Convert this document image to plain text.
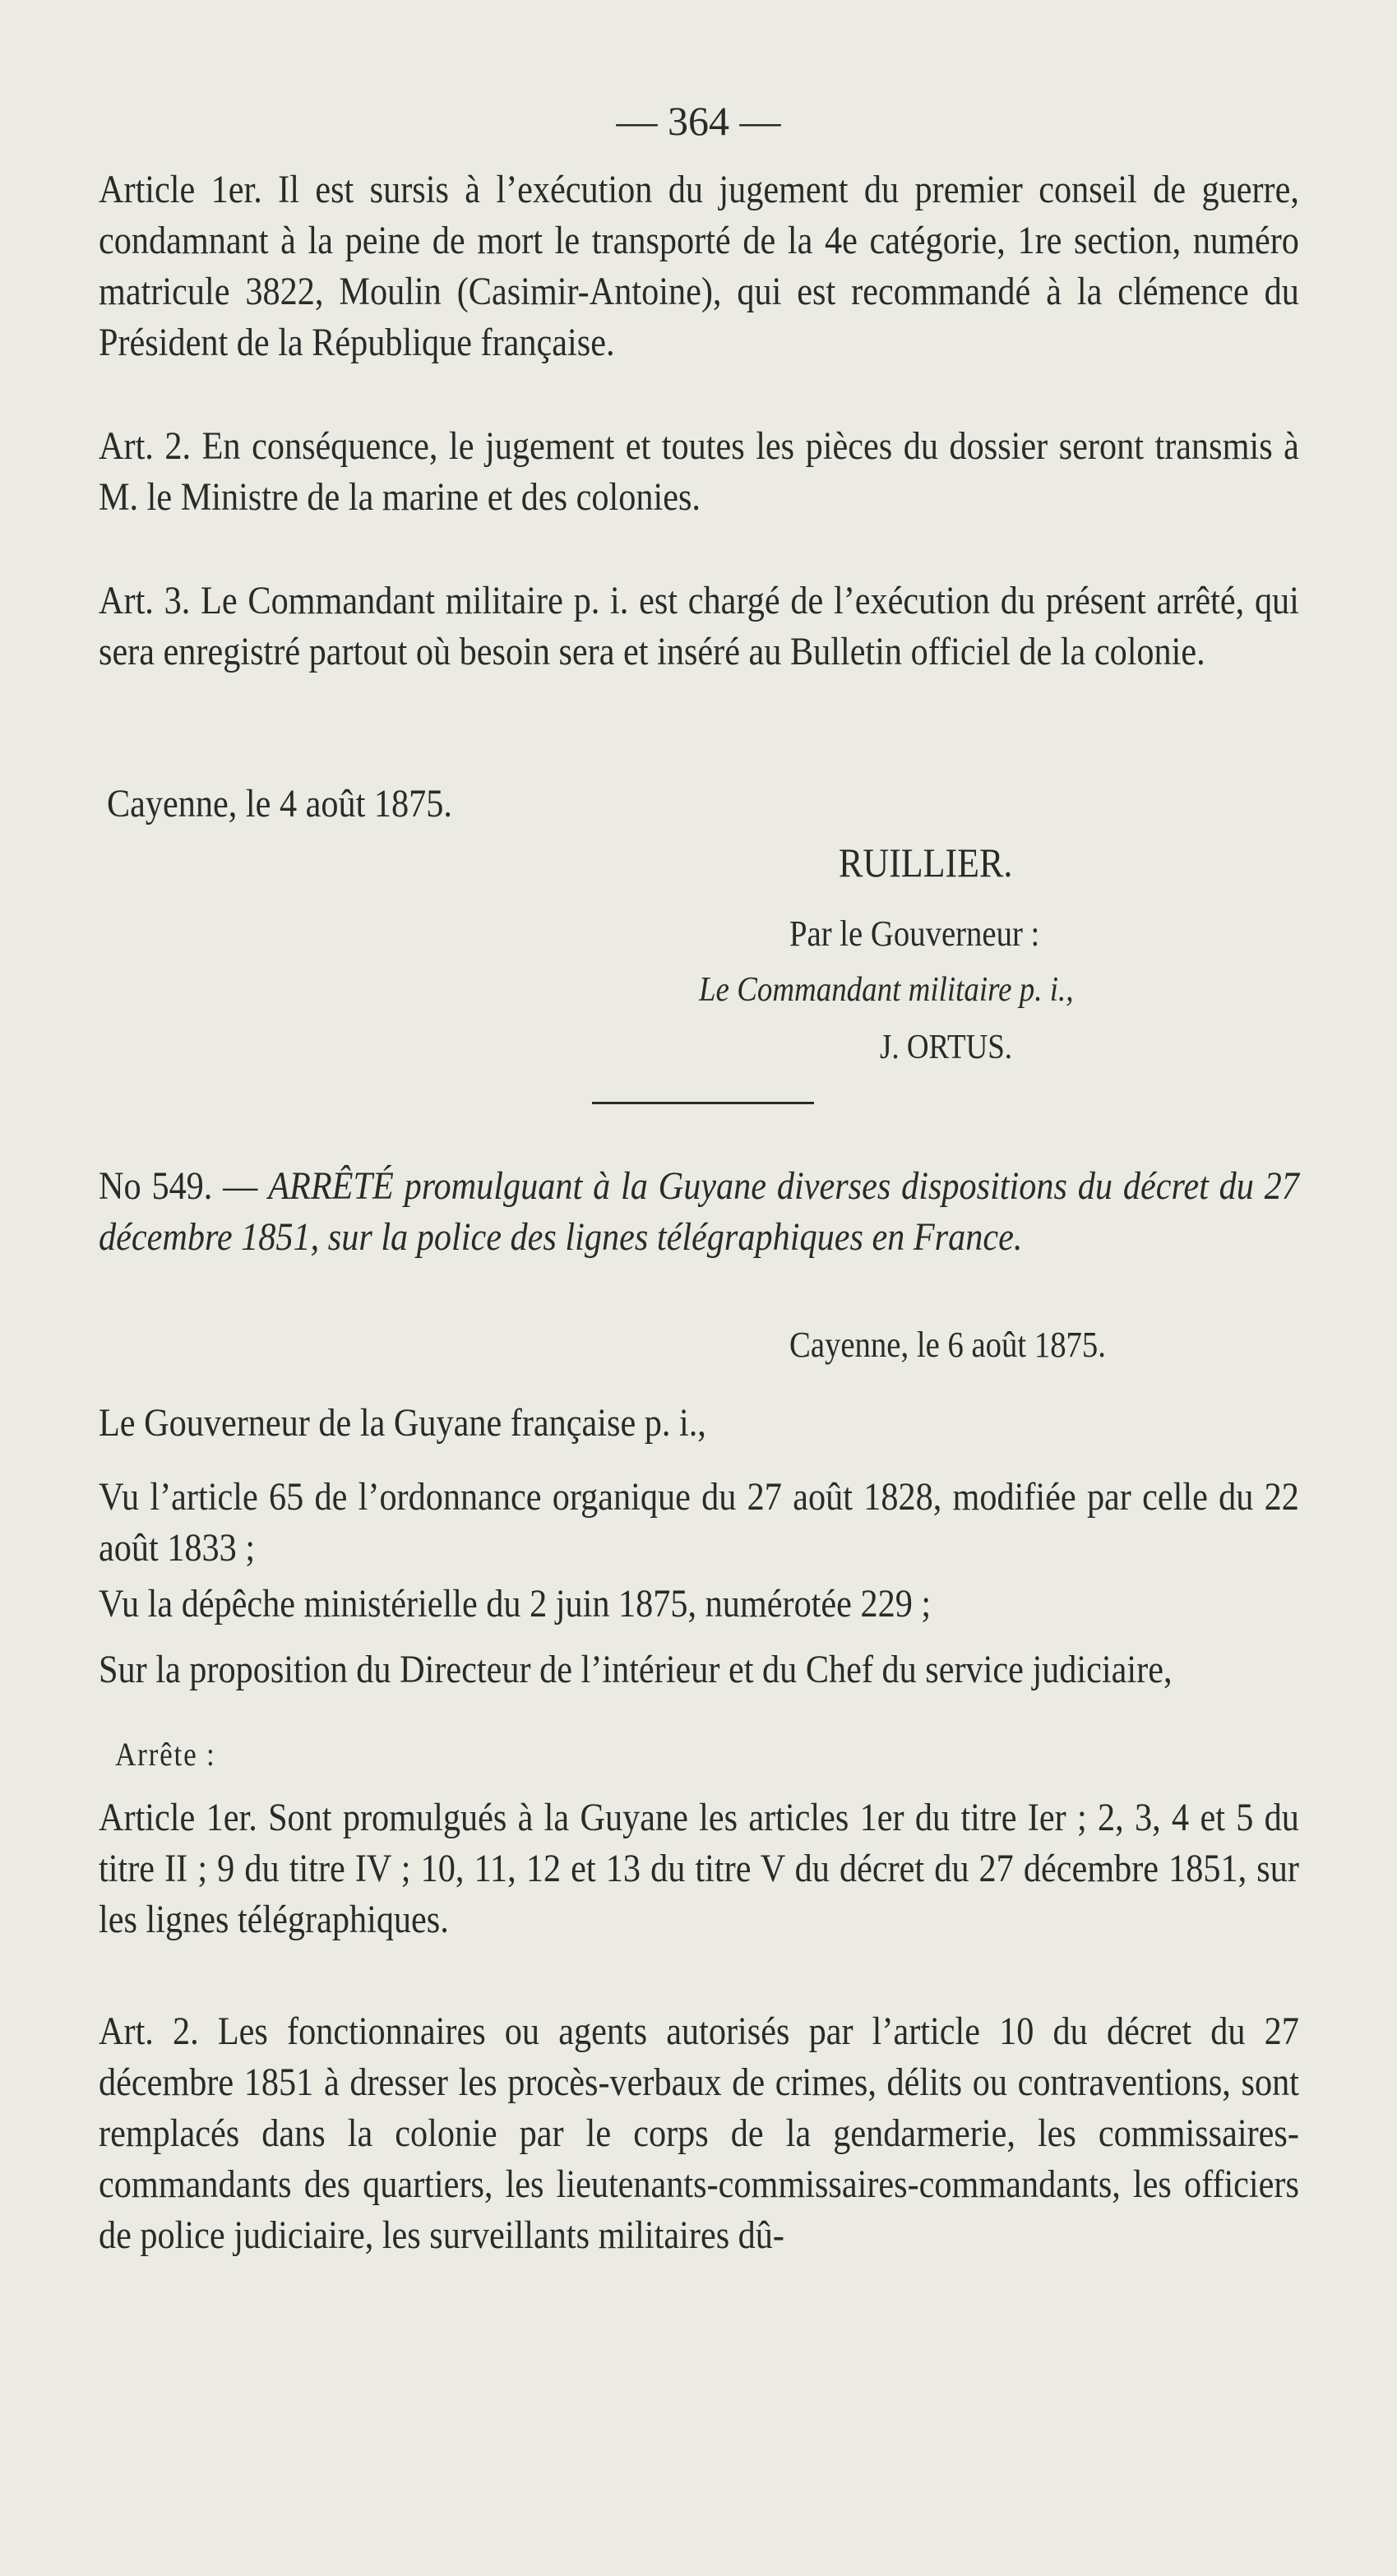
— 364 —

Article 1er. Il est sursis à l’exécution du jugement du premier conseil de guerre, condamnant à la peine de mort le transporté de la 4e catégorie, 1re section, numéro matricule 3822, Moulin (Casimir-Antoine), qui est recommandé à la clémence du Président de la République française.

Art. 2. En conséquence, le jugement et toutes les pièces du dossier seront transmis à M. le Ministre de la marine et des colonies.

Art. 3. Le Commandant militaire p. i. est chargé de l’exécution du présent arrêté, qui sera enregistré partout où besoin sera et inséré au Bulletin officiel de la colonie.

Cayenne, le 4 août 1875.
RUILLIER.
Par le Gouverneur :
Le Commandant militaire p. i.,
J. ORTUS.

No 549. — ARRÊTÉ promulguant à la Guyane diverses dispositions du décret du 27 décembre 1851, sur la police des lignes télégraphiques en France.

Cayenne, le 6 août 1875.

Le Gouverneur de la Guyane française p. i.,

Vu l’article 65 de l’ordonnance organique du 27 août 1828, modifiée par celle du 22 août 1833 ;

Vu la dépêche ministérielle du 2 juin 1875, numérotée 229 ;

Sur la proposition du Directeur de l’intérieur et du Chef du service judiciaire,

Arrête :

Article 1er. Sont promulgués à la Guyane les articles 1er du titre Ier ; 2, 3, 4 et 5 du titre II ; 9 du titre IV ; 10, 11, 12 et 13 du titre V du décret du 27 décembre 1851, sur les lignes télégraphiques.

Art. 2. Les fonctionnaires ou agents autorisés par l’article 10 du décret du 27 décembre 1851 à dresser les procès-verbaux de crimes, délits ou contraventions, sont remplacés dans la colonie par le corps de la gendarmerie, les commissaires-commandants des quartiers, les lieutenants-commissaires-commandants, les officiers de police judiciaire, les surveillants militaires dû-
